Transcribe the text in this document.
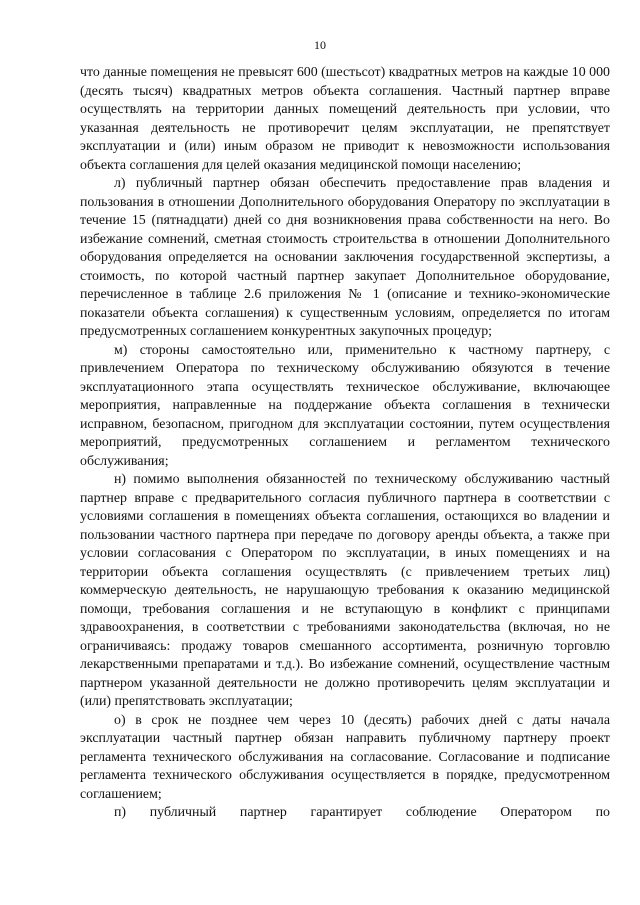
10

что данные помещения не превысят 600 (шестьсот) квадратных метров на каждые 10 000 (десять тысяч) квадратных метров объекта соглашения. Частный партнер вправе осуществлять на территории данных помещений деятельность при условии, что указанная деятельность не противоречит целям эксплуатации, не препятствует эксплуатации и (или) иным образом не приводит к невозможности использования объекта соглашения для целей оказания медицинской помощи населению;

л) публичный партнер обязан обеспечить предоставление прав владения и пользования в отношении Дополнительного оборудования Оператору по эксплуатации в течение 15 (пятнадцати) дней со дня возникновения права собственности на него. Во избежание сомнений, сметная стоимость строительства в отношении Дополнительного оборудования определяется на основании заключения государственной экспертизы, а стоимость, по которой частный партнер закупает Дополнительное оборудование, перечисленное в таблице 2.6 приложения № 1 (описание и технико-экономические показатели объекта соглашения) к существенным условиям, определяется по итогам предусмотренных соглашением конкурентных закупочных процедур;

м) стороны самостоятельно или, применительно к частному партнеру, с привлечением Оператора по техническому обслуживанию обязуются в течение эксплуатационного этапа осуществлять техническое обслуживание, включающее мероприятия, направленные на поддержание объекта соглашения в технически исправном, безопасном, пригодном для эксплуатации состоянии, путем осуществления мероприятий, предусмотренных соглашением и регламентом технического обслуживания;

н) помимо выполнения обязанностей по техническому обслуживанию частный партнер вправе с предварительного согласия публичного партнера в соответствии с условиями соглашения в помещениях объекта соглашения, остающихся во владении и пользовании частного партнера при передаче по договору аренды объекта, а также при условии согласования с Оператором по эксплуатации, в иных помещениях и на территории объекта соглашения осуществлять (с привлечением третьих лиц) коммерческую деятельность, не нарушающую требования к оказанию медицинской помощи, требования соглашения и не вступающую в конфликт с принципами здравоохранения, в соответствии с требованиями законодательства (включая, но не ограничиваясь: продажу товаров смешанного ассортимента, розничную торговлю лекарственными препаратами и т.д.). Во избежание сомнений, осуществление частным партнером указанной деятельности не должно противоречить целям эксплуатации и (или) препятствовать эксплуатации;

о) в срок не позднее чем через 10 (десять) рабочих дней с даты начала эксплуатации частный партнер обязан направить публичному партнеру проект регламента технического обслуживания на согласование. Согласование и подписание регламента технического обслуживания осуществляется в порядке, предусмотренном соглашением;

п) публичный партнер гарантирует соблюдение Оператором по
